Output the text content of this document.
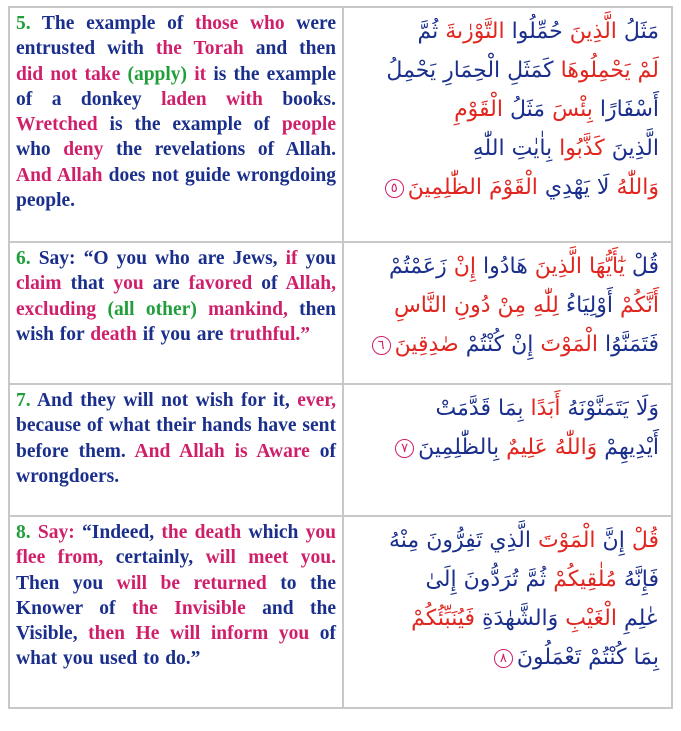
5. The example of those who were entrusted with the Torah and then did not take (apply) it is the example of a donkey laden with books. Wretched is the example of people who deny the revelations of Allah. And Allah does not guide wrongdoing people.
مَثَلُ الَّذِينَ حُمِّلُوا التَّوْرٰىةَ ثُمَّ
لَمْ يَحْمِلُوهَا كَمَثَلِ الْحِمَارِ يَحْمِلُ
أَسْفَارًا بِئْسَ مَثَلُ الْقَوْمِ
الَّذِينَ كَذَّبُوا بِاٰيٰتِ اللّٰهِ
وَاللّٰهُ لَا يَهْدِي الْقَوْمَ الظّٰلِمِينَ٥
6. Say: “O you who are Jews, if you claim that you are favored of Allah, excluding (all other) mankind, then wish for death if you are truthful.”
قُلْ يٰٓأَيُّهَا الَّذِينَ هَادُوا إِنْ زَعَمْتُمْ
أَنَّكُمْ أَوْلِيَاءُ لِلّٰهِ مِنْ دُونِ النَّاسِ
فَتَمَنَّوُا الْمَوْتَ إِنْ كُنْتُمْ صٰدِقِينَ٦
7. And they will not wish for it, ever, because of what their hands have sent before them. And Allah is Aware of wrongdoers.
وَلَا يَتَمَنَّوْنَهُ أَبَدًا بِمَا قَدَّمَتْ
أَيْدِيهِمْ وَاللّٰهُ عَلِيمٌ بِالظّٰلِمِينَ٧
8. Say: “Indeed, the death which you flee from, certainly, will meet you. Then you will be returned to the Knower of the Invisible and the Visible, then He will inform you of what you used to do.”
قُلْ إِنَّ الْمَوْتَ الَّذِي تَفِرُّونَ مِنْهُ
فَإِنَّهُ مُلٰقِيكُمْ ثُمَّ تُرَدُّونَ إِلَىٰ
عٰلِمِ الْغَيْبِ وَالشَّهٰدَةِ فَيُنَبِّئُكُمْ
بِمَا كُنْتُمْ تَعْمَلُونَ٨
